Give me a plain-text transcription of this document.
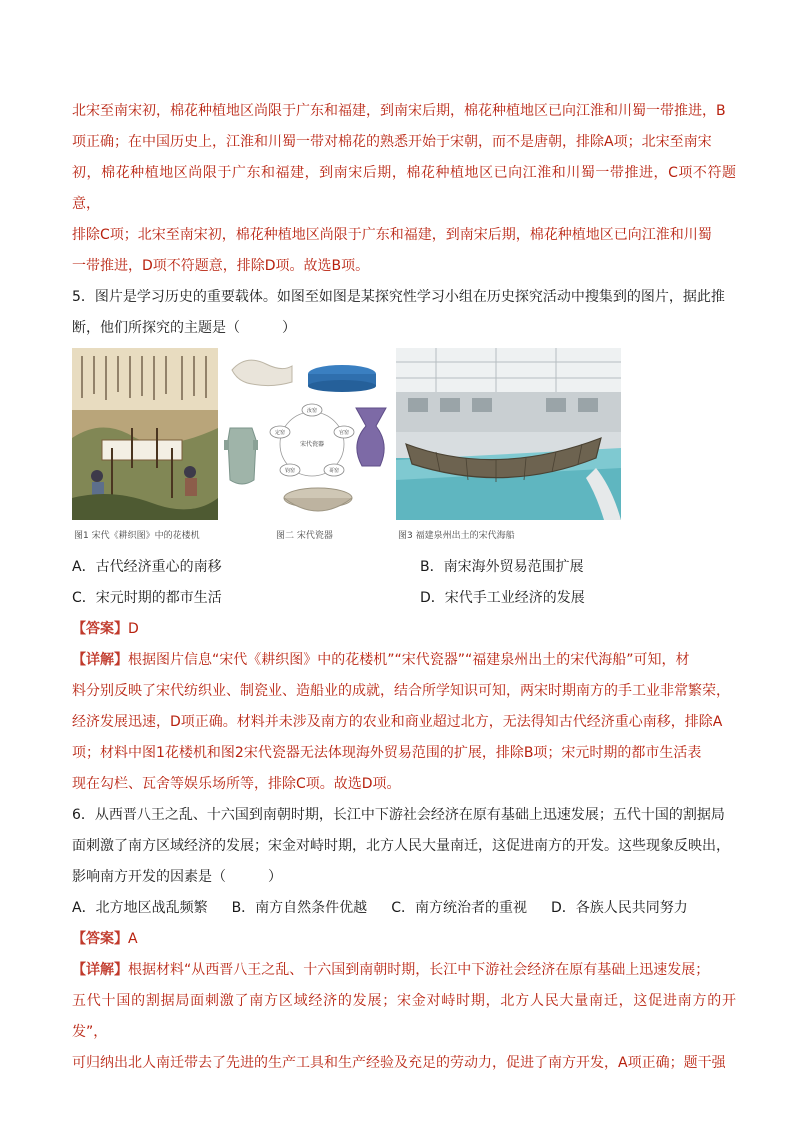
北宋至南宋初，棉花种植地区尚限于广东和福建，到南宋后期，棉花种植地区已向江淮和川蜀一带推进，B

项正确；在中国历史上，江淮和川蜀一带对棉花的熟悉开始于宋朝，而不是唐朝，排除A项；北宋至南宋

初，棉花种植地区尚限于广东和福建，到南宋后期，棉花种植地区已向江淮和川蜀一带推进，C项不符题意，

排除C项；北宋至南宋初，棉花种植地区尚限于广东和福建，到南宋后期，棉花种植地区已向江淮和川蜀

一带推进，D项不符题意，排除D项。故选B项。

5．图片是学习历史的重要载体。如图至如图是某探究性学习小组在历史探究活动中搜集到的图片，据此推

断，他们所探究的主题是（　　　）

汝窑
官窑
哥窑
钧窑
定窑
宋代瓷器
图1 宋代《耕织图》中的花楼机	图二 宋代瓷器	图3 福建泉州出土的宋代海船
A．古代经济重心的南移	B．南宋海外贸易范围扩展
C．宋元时期的都市生活	D．宋代手工业经济的发展

【答案】D

【详解】根据图片信息“宋代《耕织图》中的花楼机”“宋代瓷器”“福建泉州出土的宋代海船”可知，材

料分别反映了宋代纺织业、制瓷业、造船业的成就，结合所学知识可知，两宋时期南方的手工业非常繁荣，

经济发展迅速，D项正确。材料并未涉及南方的农业和商业超过北方，无法得知古代经济重心南移，排除A

项；材料中图1花楼机和图2宋代瓷器无法体现海外贸易范围的扩展，排除B项；宋元时期的都市生活表

现在勾栏、瓦舍等娱乐场所等，排除C项。故选D项。

6．从西晋八王之乱、十六国到南朝时期，长江中下游社会经济在原有基础上迅速发展；五代十国的割据局

面刺激了南方区域经济的发展；宋金对峙时期，北方人民大量南迁，这促进南方的开发。这些现象反映出，

影响南方开发的因素是（　　　）

A．北方地区战乱频繁 B．南方自然条件优越 C．南方统治者的重视 D．各族人民共同努力

【答案】A

【详解】根据材料“从西晋八王之乱、十六国到南朝时期，长江中下游社会经济在原有基础上迅速发展；

五代十国的割据局面刺激了南方区域经济的发展；宋金对峙时期，北方人民大量南迁，这促进南方的开发”，

可归纳出北人南迁带去了先进的生产工具和生产经验及充足的劳动力，促进了南方开发，A项正确；题干强
